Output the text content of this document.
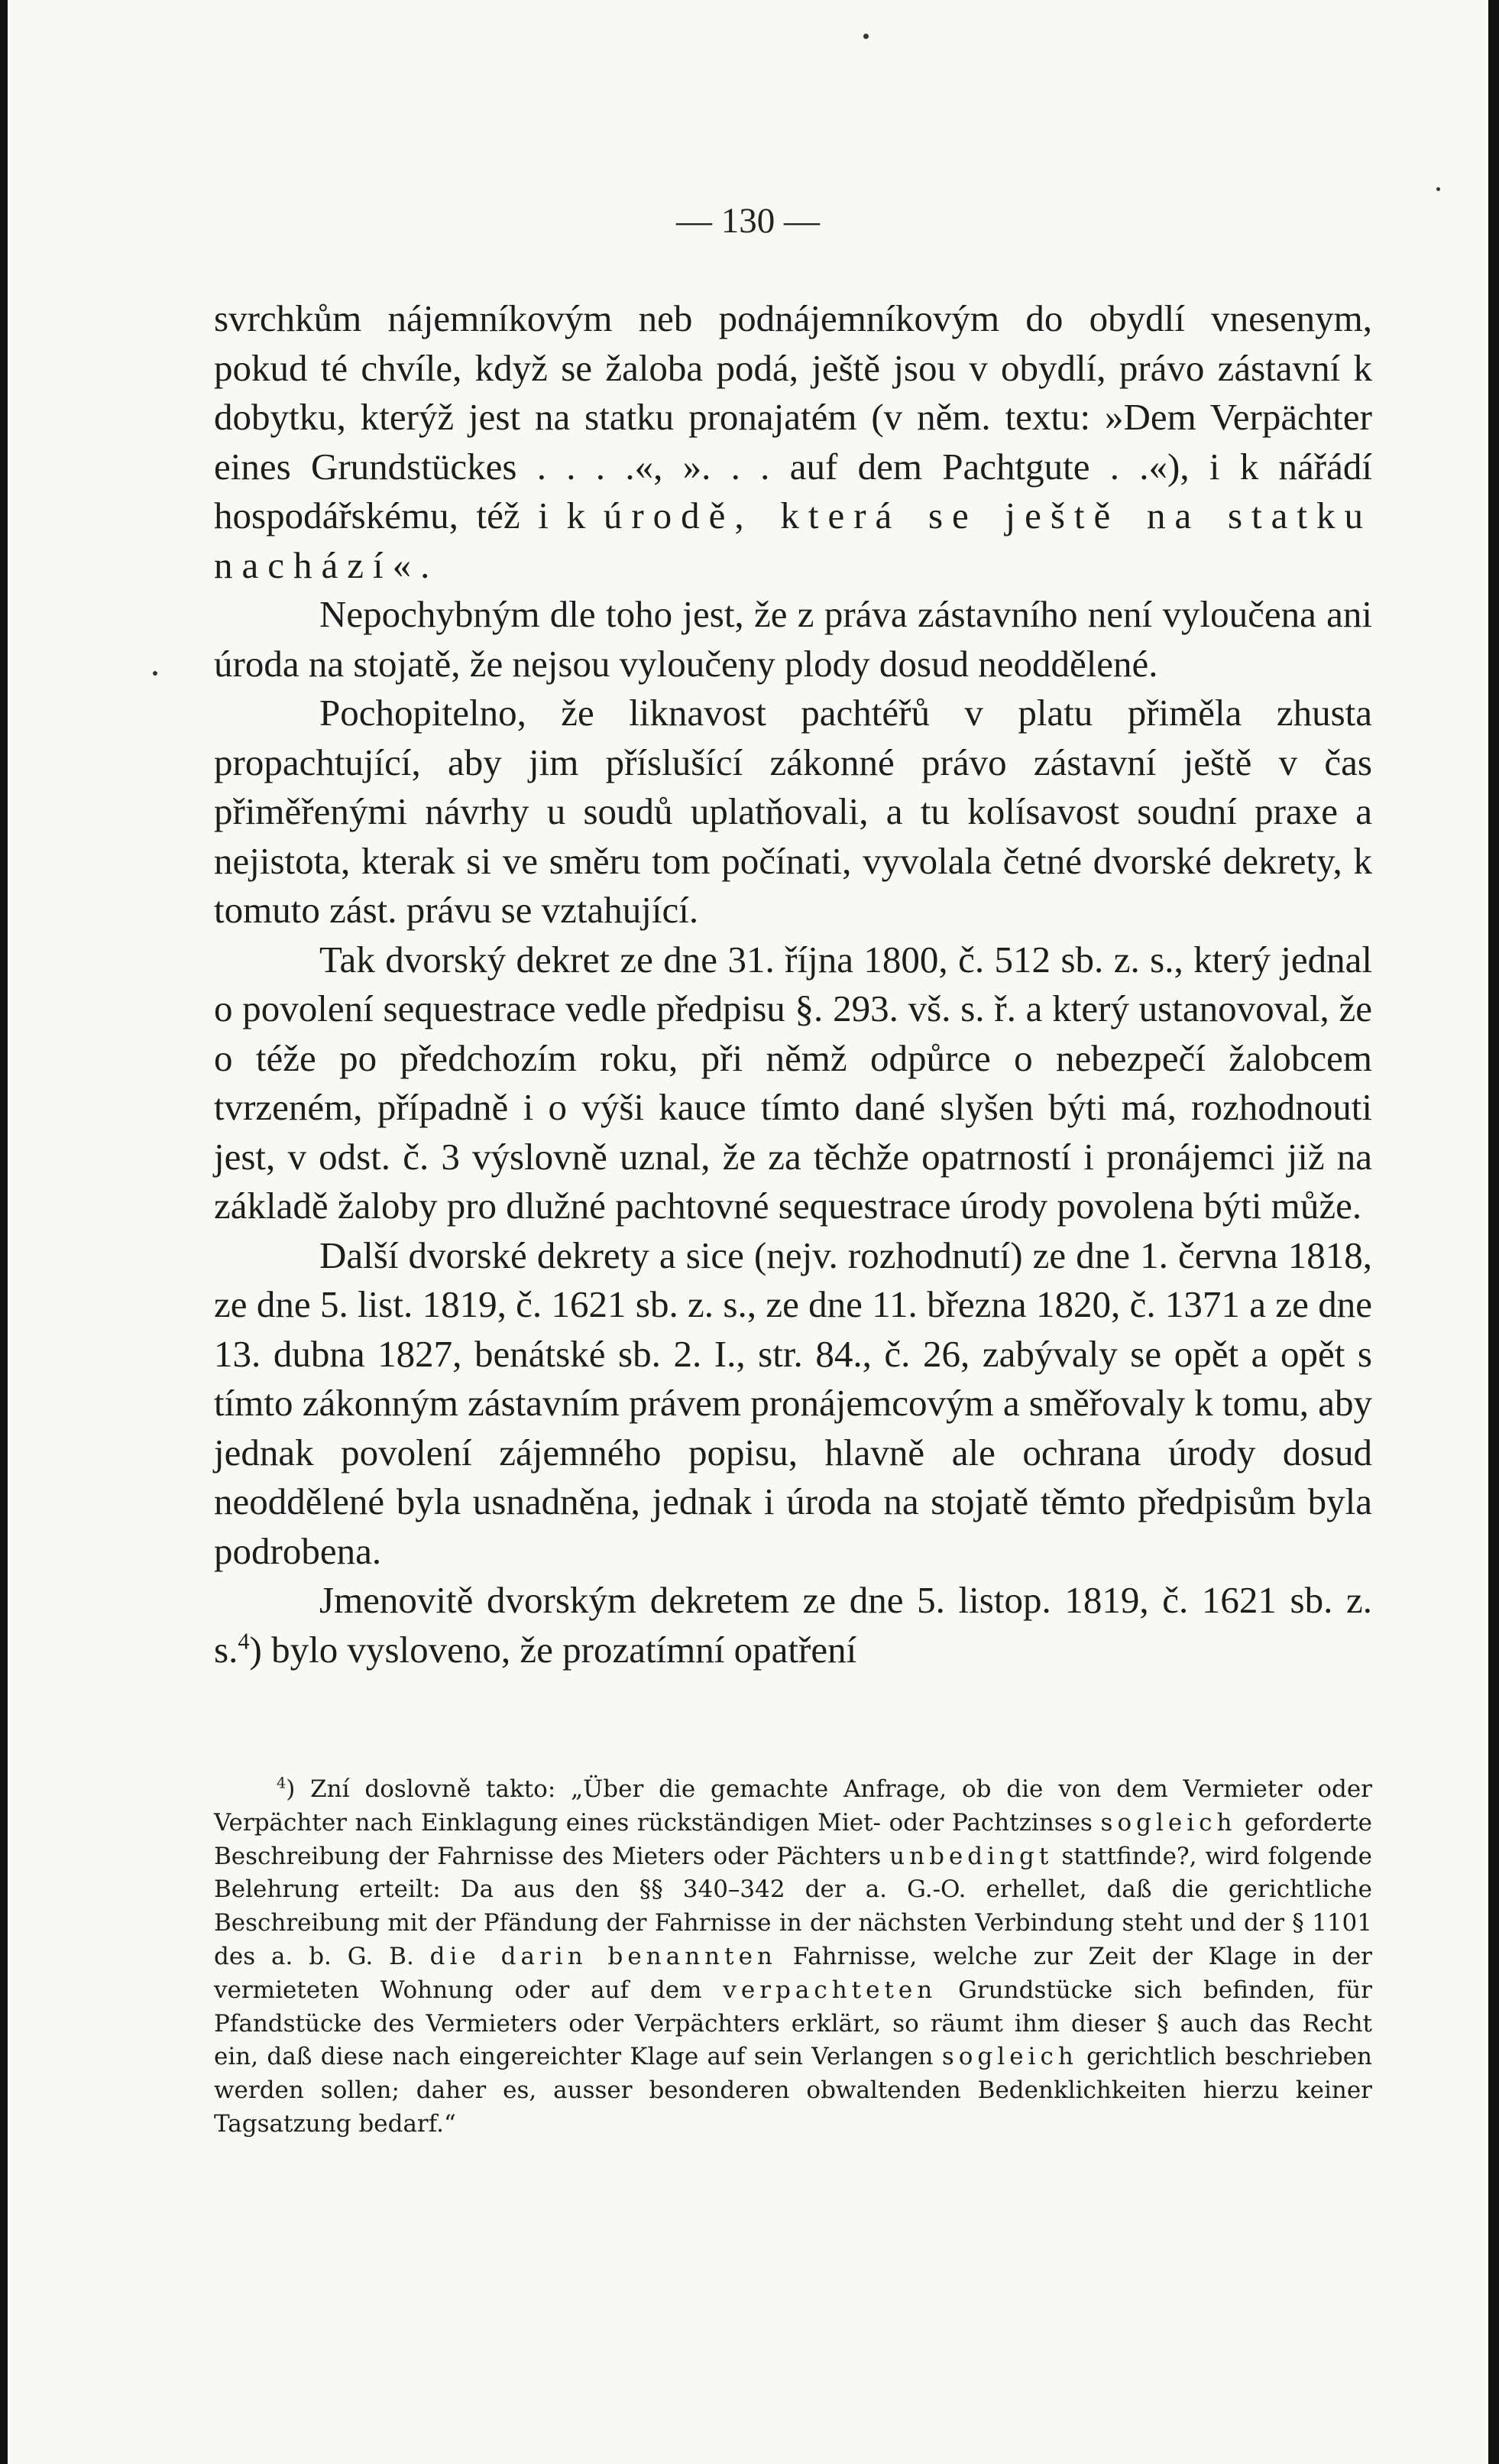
— 130 —

svrchkům nájemníkovým neb podnájemníkovým do obydlí vnesenym, pokud té chvíle, když se žaloba podá, ještě jsou v obydlí, právo zástavní k dobytku, kterýž jest na statku pronajatém (v něm. textu: »Dem Verpächter eines Grundstückes . . . .«, ». . . auf dem Pachtgute . .«), i k nářádí hospodářskému, též i k úrodě, která se ještě na statku nachází«.

Nepochybným dle toho jest, že z práva zástavního není vyloučena ani úroda na stojatě, že nejsou vyloučeny plody dosud neoddělené.

Pochopitelno, že liknavost pachtéřů v platu přiměla zhusta propachtující, aby jim příslušící zákonné právo zástavní ještě v čas přiměřenými návrhy u soudů uplatňovali, a tu kolísavost soudní praxe a nejistota, kterak si ve směru tom počínati, vyvolala četné dvorské dekrety, k tomuto zást. právu se vztahující.

Tak dvorský dekret ze dne 31. října 1800, č. 512 sb. z. s., který jednal o povolení sequestrace vedle předpisu §. 293. vš. s. ř. a který ustanovoval, že o téže po předchozím roku, při němž odpůrce o nebezpečí žalobcem tvrzeném, případně i o výši kauce tímto dané slyšen býti má, rozhodnouti jest, v odst. č. 3 výslovně uznal, že za těchže opatrností i pronájemci již na základě žaloby pro dlužné pachtovné sequestrace úrody povolena býti může.

Další dvorské dekrety a sice (nejv. rozhodnutí) ze dne 1. června 1818, ze dne 5. list. 1819, č. 1621 sb. z. s., ze dne 11. března 1820, č. 1371 a ze dne 13. dubna 1827, benátské sb. 2. I., str. 84., č. 26, zabývaly se opět a opět s tímto zákonným zástavním právem pronájemcovým a směřovaly k tomu, aby jednak povolení zájemného popisu, hlavně ale ochrana úrody dosud neoddělené byla usnadněna, jednak i úroda na stojatě těmto předpisům byla podrobena.

Jmenovitě dvorským dekretem ze dne 5. listop. 1819, č. 1621 sb. z. s.$^4$) bylo vysloveno, že prozatímní opatření

$^4$) Zní doslovně takto: „Über die gemachte Anfrage, ob die von dem Vermieter oder Verpächter nach Einklagung eines rückständigen Miet- oder Pachtzinses sogleich geforderte Beschreibung der Fahrnisse des Mieters oder Pächters unbedingt stattfinde?, wird folgende Belehrung erteilt: Da aus den §§ 340–342 der a. G.-O. erhellet, daß die gerichtliche Beschreibung mit der Pfändung der Fahrnisse in der nächsten Verbindung steht und der § 1101 des a. b. G. B. die darin benannten Fahrnisse, welche zur Zeit der Klage in der vermieteten Wohnung oder auf dem verpachteten Grundstücke sich befinden, für Pfandstücke des Vermieters oder Verpächters erklärt, so räumt ihm dieser § auch das Recht ein, daß diese nach eingereichter Klage auf sein Verlangen sogleich gerichtlich beschrieben werden sollen; daher es, ausser besonderen obwaltenden Bedenklichkeiten hierzu keiner Tagsatzung bedarf.“
